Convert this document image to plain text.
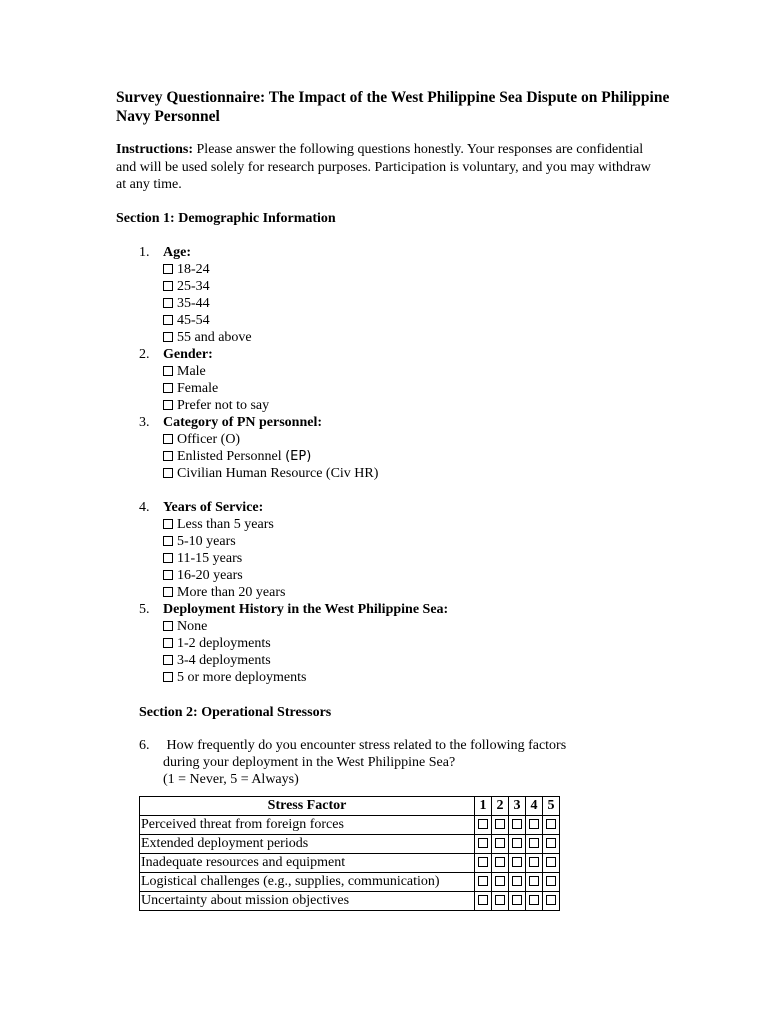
Survey Questionnaire: The Impact of the West Philippine Sea Dispute on Philippine Navy Personnel

Instructions: Please answer the following questions honestly. Your responses are confidential and will be used solely for research purposes. Participation is voluntary, and you may withdraw at any time.

Section 1: Demographic Information
1. Age:
18-24
25-34
35-44
45-54
55 and above
2. Gender:
Male
Female
Prefer not to say
3. Category of PN personnel:
Officer (O)
Enlisted Personnel (EP)
Civilian Human Resource (Civ HR)
4. Years of Service:
Less than 5 years
5-10 years
11-15 years
16-20 years
More than 20 years
5. Deployment History in the West Philippine Sea:
None
1-2 deployments
3-4 deployments
5 or more deployments
Section 2: Operational Stressors
6. How frequently do you encounter stress related to the following factors
during your deployment in the West Philippine Sea?
(1 = Never, 5 = Always)
Stress Factor	1	2	3	4	5
Perceived threat from foreign forces					
Extended deployment periods					
Inadequate resources and equipment					
Logistical challenges (e.g., supplies, communication)					
Uncertainty about mission objectives					
